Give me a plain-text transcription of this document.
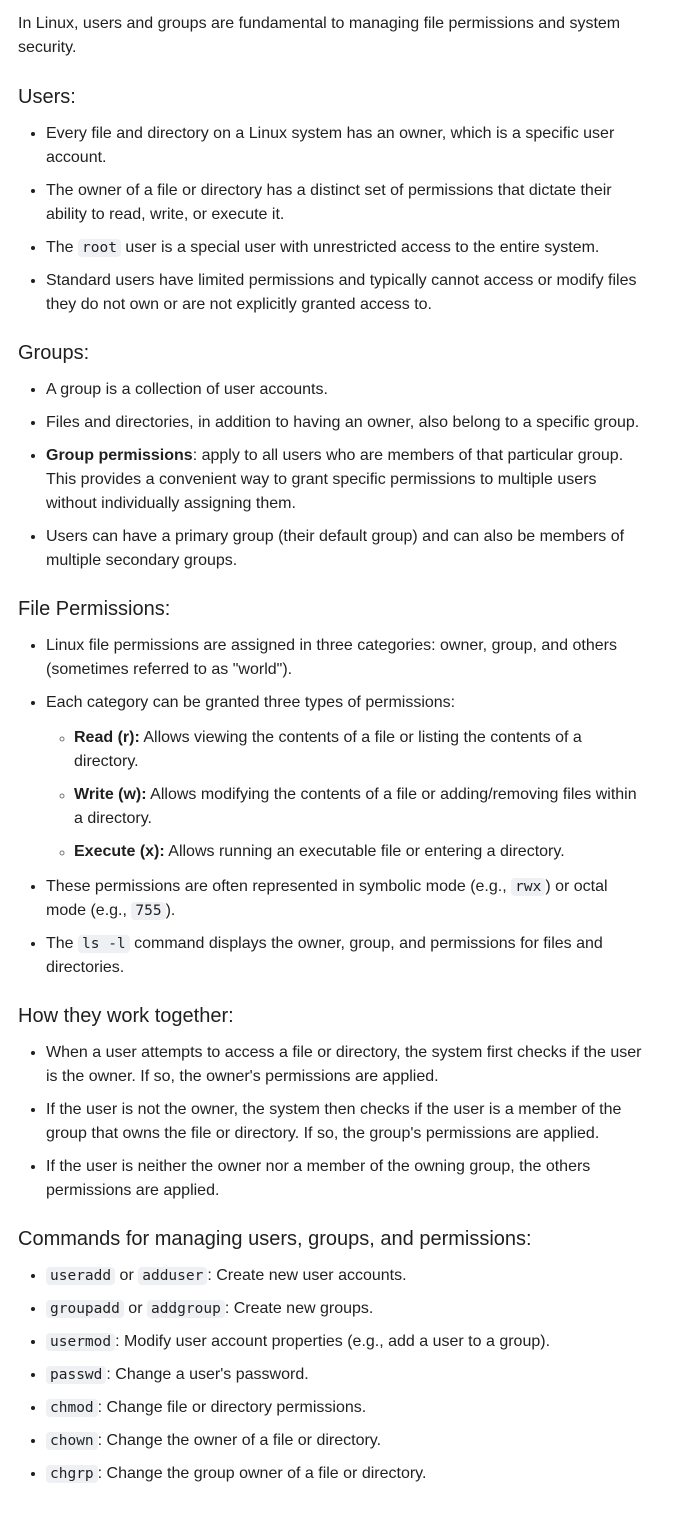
In Linux, users and groups are fundamental to managing file permissions and system security.

Users:
• Every file and directory on a Linux system has an owner, which is a specific user account.
• The owner of a file or directory has a distinct set of permissions that dictate their ability to read, write, or execute it.
• The root user is a special user with unrestricted access to the entire system.
• Standard users have limited permissions and typically cannot access or modify files they do not own or are not explicitly granted access to.
Groups:
• A group is a collection of user accounts.
• Files and directories, in addition to having an owner, also belong to a specific group.
• Group permissions: apply to all users who are members of that particular group. This provides a convenient way to grant specific permissions to multiple users without individually assigning them.
• Users can have a primary group (their default group) and can also be members of multiple secondary groups.
File Permissions:
• Linux file permissions are assigned in three categories: owner, group, and others (sometimes referred to as "world").
• Each category can be granted three types of permissions:
◦ Read (r): Allows viewing the contents of a file or listing the contents of a directory.
◦ Write (w): Allows modifying the contents of a file or adding/removing files within a directory.
◦ Execute (x): Allows running an executable file or entering a directory.
• These permissions are often represented in symbolic mode (e.g., rwx ) or octal mode (e.g., 755 ).
• The ls -l command displays the owner, group, and permissions for files and directories.
How they work together:
• When a user attempts to access a file or directory, the system first checks if the user is the owner. If so, the owner's permissions are applied.
• If the user is not the owner, the system then checks if the user is a member of the group that owns the file or directory. If so, the group's permissions are applied.
• If the user is neither the owner nor a member of the owning group, the others permissions are applied.
Commands for managing users, groups, and permissions:
• useradd or adduser : Create new user accounts.
• groupadd or addgroup : Create new groups.
• usermod : Modify user account properties (e.g., add a user to a group).
• passwd : Change a user's password.
• chmod : Change file or directory permissions.
• chown : Change the owner of a file or directory.
• chgrp : Change the group owner of a file or directory.
